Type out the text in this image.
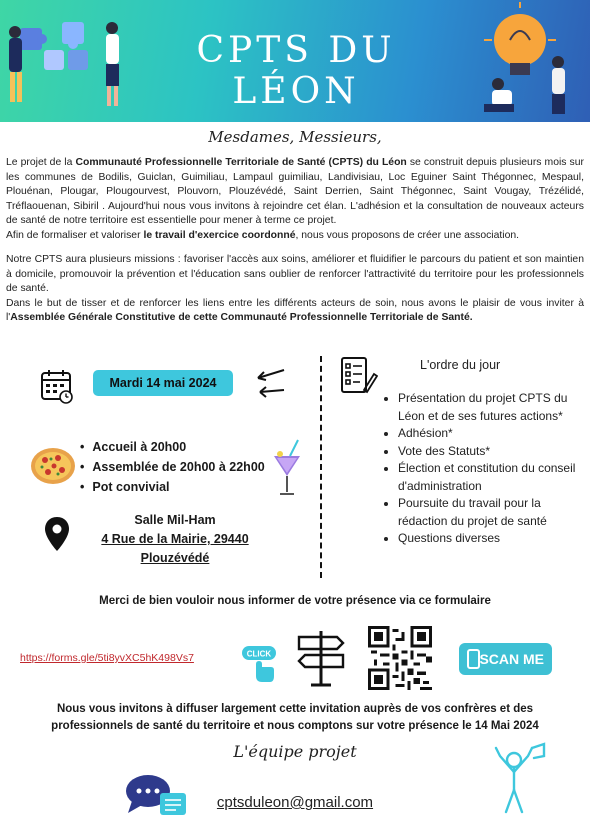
CPTS DU LÉON
Mesdames, Messieurs,

Le projet de la Communauté Professionnelle Territoriale de Santé (CPTS) du Léon se construit depuis plusieurs mois sur les communes de Bodilis, Guiclan, Guimiliau, Lampaul guimiliau, Landivisiau, Loc Eguiner Saint Thégonnec, Mespaul, Plouénan, Plougar, Plougourvest, Plouvorn, Plouzévédé, Saint Derrien, Saint Thégonnec, Saint Vougay, Trézélidé, Tréflaouenan, Sibiril . Aujourd'hui nous vous invitons à rejoindre cet élan. L'adhésion et la consultation de nouveaux acteurs de santé de notre territoire est essentielle pour mener à terme ce projet.

Afin de formaliser et valoriser le travail d'exercice coordonné, nous vous proposons de créer une association.

Notre CPTS aura plusieurs missions : favoriser l'accès aux soins, améliorer et fluidifier le parcours du patient et son maintien à domicile, promouvoir la prévention et l'éducation sans oublier de renforcer l'attractivité du territoire pour les professionnels de santé.

Dans le but de tisser et de renforcer les liens entre les différents acteurs de soin, nous avons le plaisir de vous inviter à l'Assemblée Générale Constitutive de cette Communauté Professionnelle Territoriale de Santé.

Mardi 14 mai 2024
• Accueil à 20h00
• Assemblée de 20h00 à 22h00
• Pot convivial
Salle Mil-Ham
4 Rue de la Mairie, 29440
Plouzévédé
L'ordre du jour
• Présentation du projet CPTS du Léon et de ses futures actions*
• Adhésion*
• Vote des Statuts*
• Élection et constitution du conseil d'administration
• Poursuite du travail pour la rédaction du projet de santé
• Questions diverses
Merci de bien vouloir nous informer de votre présence via ce formulaire
https://forms.gle/5ti8yvXC5hK498Vs7	CLICK	SCAN ME
Nous vous invitons à diffuser largement cette invitation auprès de vos confrères et des professionnels de santé du territoire et nous comptons sur votre présence le 14 Mai 2024
L'équipe projet
cptsduleon@gmail.com
